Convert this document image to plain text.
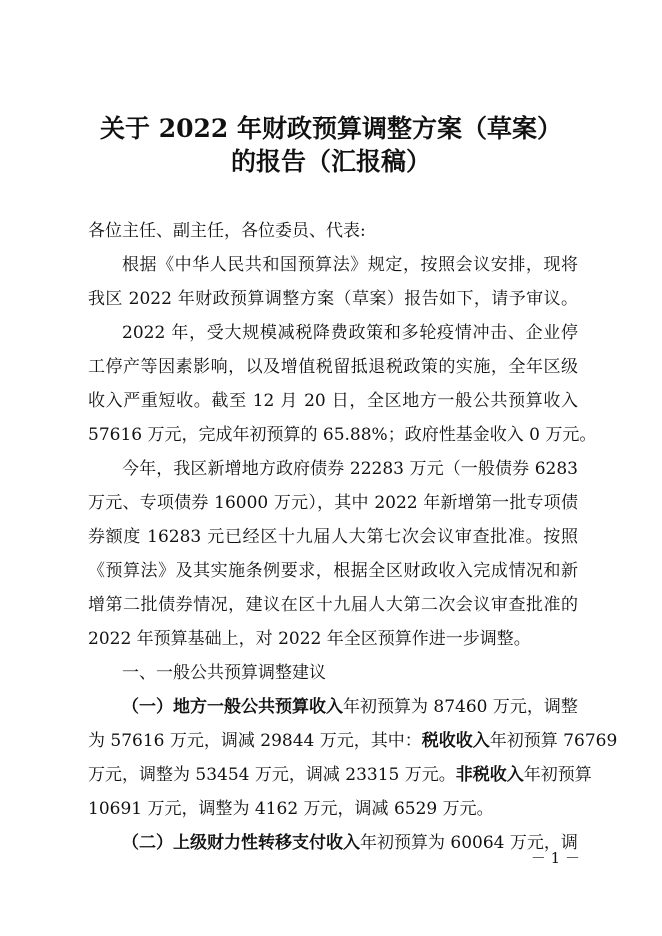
关于 2022 年财政预算调整方案（草案）
的报告（汇报稿）
各位主任、副主任，各位委员、代表:
根据《中华人民共和国预算法》规定，按照会议安排，现将
我区 2022 年财政预算调整方案（草案）报告如下，请予审议。
2022 年，受大规模减税降费政策和多轮疫情冲击、企业停
工停产等因素影响，以及增值税留抵退税政策的实施，全年区级
收入严重短收。截至 12 月 20 日，全区地方一般公共预算收入
57616 万元，完成年初预算的 65.88%；政府性基金收入 0 万元。
今年，我区新增地方政府债券 22283 万元（一般债券 6283
万元、专项债券 16000 万元），其中 2022 年新增第一批专项债
券额度 16283 元已经区十九届人大第七次会议审查批准。按照
《预算法》及其实施条例要求，根据全区财政收入完成情况和新
增第二批债券情况，建议在区十九届人大第二次会议审查批准的
2022 年预算基础上，对 2022 年全区预算作进一步调整。
一、一般公共预算调整建议
（一）地方一般公共预算收入年初预算为 87460 万元，调整
为 57616 万元，调减 29844 万元，其中：税收收入年初预算 76769
万元，调整为 53454 万元，调减 23315 万元。非税收入年初预算
10691 万元，调整为 4162 万元，调减 6529 万元。
（二）上级财力性转移支付收入年初预算为 60064 万元，调
－ 1 －
